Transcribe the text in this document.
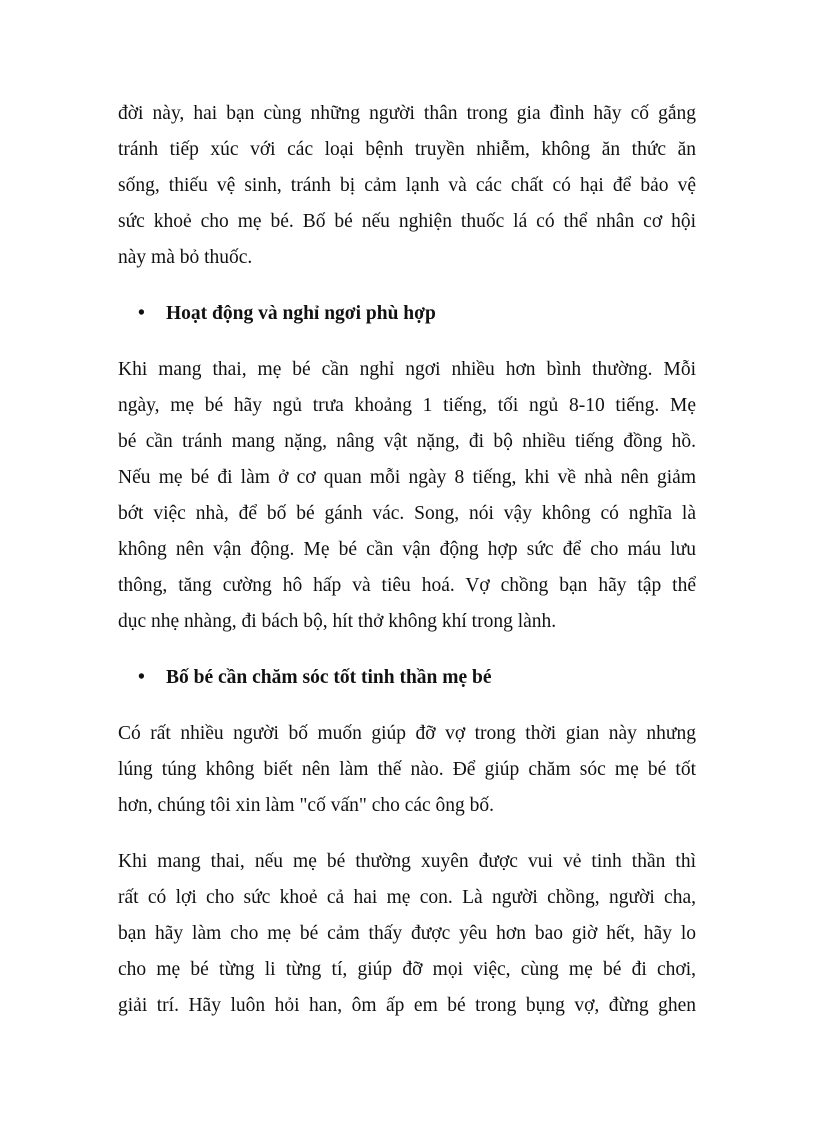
đời này, hai bạn cùng những người thân trong gia đình hãy cố gắng
tránh tiếp xúc với các loại bệnh truyền nhiễm, không ăn thức ăn
sống, thiếu vệ sinh, tránh bị cảm lạnh và các chất có hại để bảo vệ
sức khoẻ cho mẹ bé. Bố bé nếu nghiện thuốc lá có thể nhân cơ hội
này mà bỏ thuốc.

• Hoạt động và nghỉ ngơi phù hợp

Khi mang thai, mẹ bé cần nghỉ ngơi nhiều hơn bình thường. Mỗi
ngày, mẹ bé hãy ngủ trưa khoảng 1 tiếng, tối ngủ 8-10 tiếng. Mẹ
bé cần tránh mang nặng, nâng vật nặng, đi bộ nhiều tiếng đồng hồ.
Nếu mẹ bé đi làm ở cơ quan mỗi ngày 8 tiếng, khi về nhà nên giảm
bớt việc nhà, để bố bé gánh vác. Song, nói vậy không có nghĩa là
không nên vận động. Mẹ bé cần vận động hợp sức để cho máu lưu
thông, tăng cường hô hấp và tiêu hoá. Vợ chồng bạn hãy tập thể
dục nhẹ nhàng, đi bách bộ, hít thở không khí trong lành.

• Bố bé cần chăm sóc tốt tinh thần mẹ bé

Có rất nhiều người bố muốn giúp đỡ vợ trong thời gian này nhưng
lúng túng không biết nên làm thế nào. Để giúp chăm sóc mẹ bé tốt
hơn, chúng tôi xin làm "cố vấn" cho các ông bố.

Khi mang thai, nếu mẹ bé thường xuyên được vui vẻ tinh thần thì
rất có lợi cho sức khoẻ cả hai mẹ con. Là người chồng, người cha,
bạn hãy làm cho mẹ bé cảm thấy được yêu hơn bao giờ hết, hãy lo
cho mẹ bé từng li từng tí, giúp đỡ mọi việc, cùng mẹ bé đi chơi,
giải trí. Hãy luôn hỏi han, ôm ấp em bé trong bụng vợ, đừng ghen
